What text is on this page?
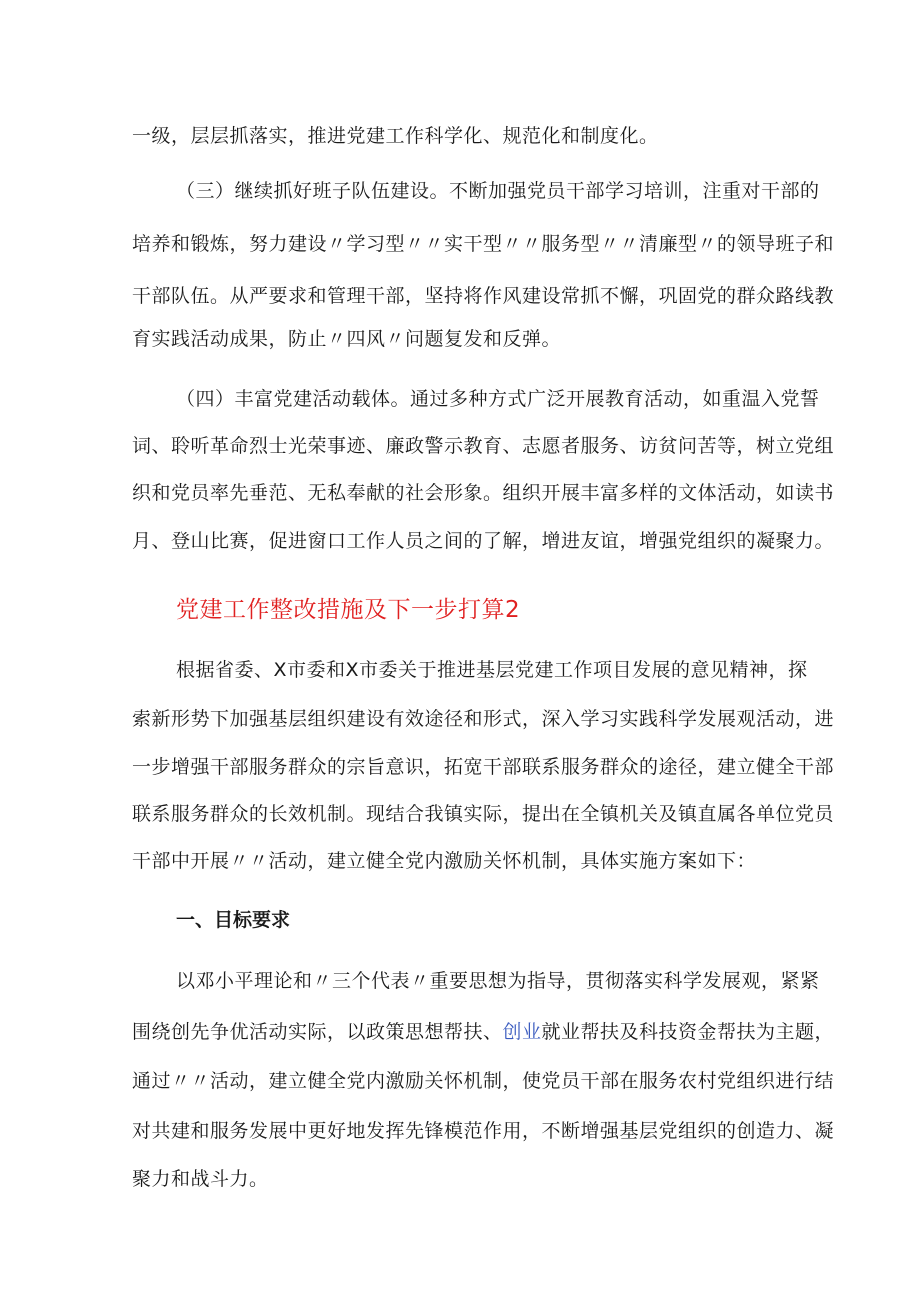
一级，层层抓落实，推进党建工作科学化、规范化和制度化。
（三）继续抓好班子队伍建设。不断加强党员干部学习培训，注重对干部的
培养和锻炼，努力建设〃学习型〃〃实干型〃〃服务型〃〃清廉型〃的领导班子和
干部队伍。从严要求和管理干部，坚持将作风建设常抓不懈，巩固党的群众路线教
育实践活动成果，防止〃四风〃问题复发和反弹。
（四）丰富党建活动载体。通过多种方式广泛开展教育活动，如重温入党誓
词、聆听革命烈士光荣事迹、廉政警示教育、志愿者服务、访贫问苦等，树立党组
织和党员率先垂范、无私奉献的社会形象。组织开展丰富多样的文体活动，如读书
月、登山比赛，促进窗口工作人员之间的了解，增进友谊，增强党组织的凝聚力。
党建工作整改措施及下一步打算2
根据省委、X市委和X市委关于推进基层党建工作项目发展的意见精神，探
索新形势下加强基层组织建设有效途径和形式，深入学习实践科学发展观活动，进
一步增强干部服务群众的宗旨意识，拓宽干部联系服务群众的途径，建立健全干部
联系服务群众的长效机制。现结合我镇实际，提出在全镇机关及镇直属各单位党员
干部中开展〃〃活动，建立健全党内激励关怀机制，具体实施方案如下：
一、目标要求
以邓小平理论和〃三个代表〃重要思想为指导，贯彻落实科学发展观，紧紧
围绕创先争优活动实际，以政策思想帮扶、创业就业帮扶及科技资金帮扶为主题，
通过〃〃活动，建立健全党内激励关怀机制，使党员干部在服务农村党组织进行结
对共建和服务发展中更好地发挥先锋模范作用，不断增强基层党组织的创造力、凝
聚力和战斗力。
